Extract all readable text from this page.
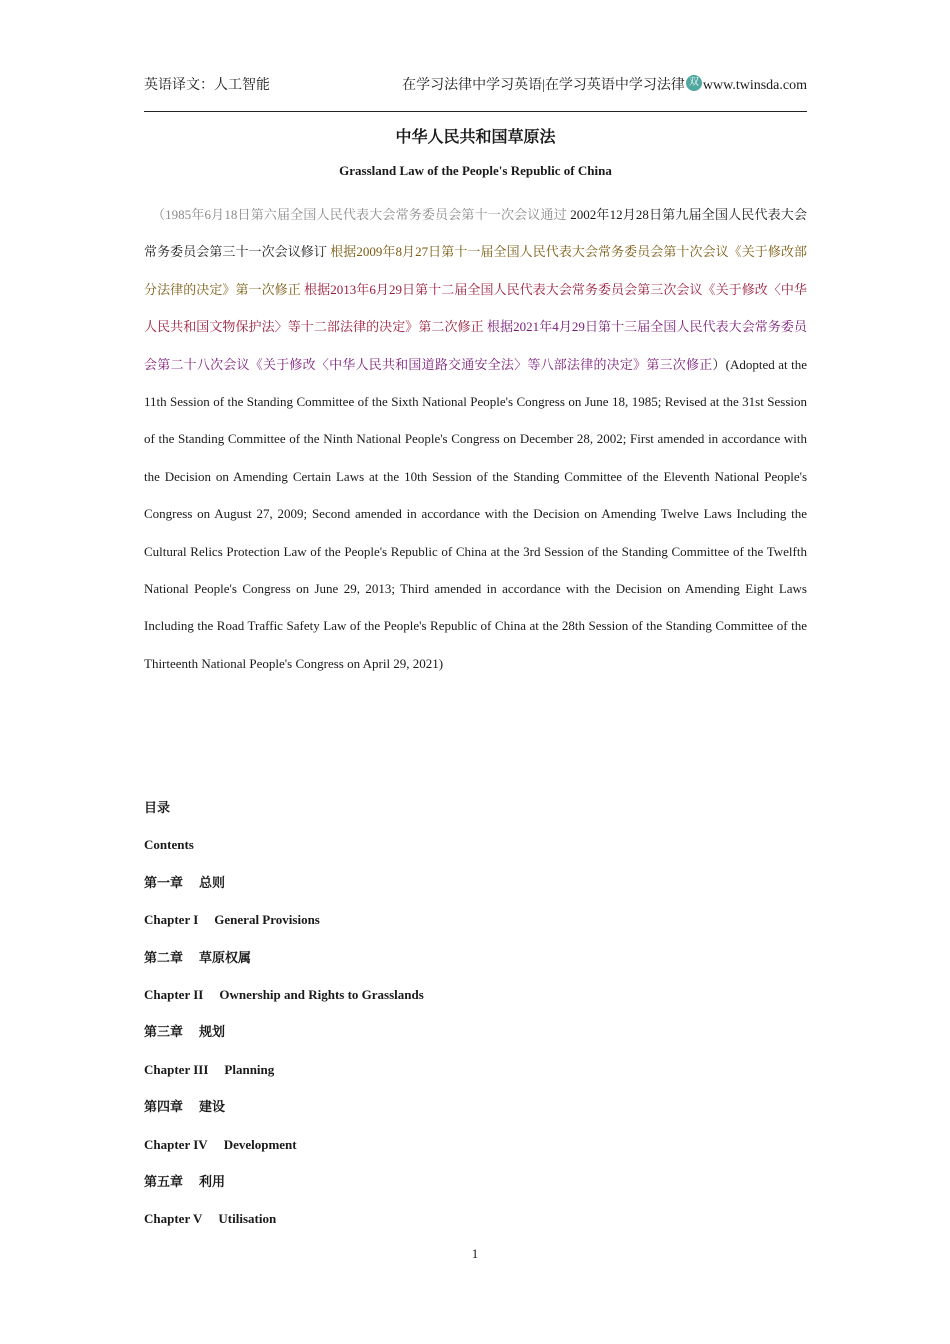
英语译文：人工智能	在学习法律中学习英语|在学习英语中学习法律 双 www.twinsda.com
中华人民共和国草原法
Grassland Law of the People's Republic of China
（1985年6月18日第六届全国人民代表大会常务委员会第十一次会议通过 2002年12月28日第九届全国人民代表大会常务委员会第三十一次会议修订 根据2009年8月27日第十一届全国人民代表大会常务委员会第十次会议《关于修改部分法律的决定》第一次修正 根据2013年6月29日第十二届全国人民代表大会常务委员会第三次会议《关于修改〈中华人民共和国文物保护法〉等十二部法律的决定》第二次修正 根据2021年4月29日第十三届全国人民代表大会常务委员会第二十八次会议《关于修改〈中华人民共和国道路交通安全法〉等八部法律的决定》第三次修正）(Adopted at the 11th Session of the Standing Committee of the Sixth National People's Congress on June 18, 1985; Revised at the 31st Session of the Standing Committee of the Ninth National People's Congress on December 28, 2002; First amended in accordance with the Decision on Amending Certain Laws at the 10th Session of the Standing Committee of the Eleventh National People's Congress on August 27, 2009; Second amended in accordance with the Decision on Amending Twelve Laws Including the Cultural Relics Protection Law of the People's Republic of China at the 3rd Session of the Standing Committee of the Twelfth National People's Congress on June 29, 2013; Third amended in accordance with the Decision on Amending Eight Laws Including the Road Traffic Safety Law of the People's Republic of China at the 28th Session of the Standing Committee of the Thirteenth National People's Congress on April 29, 2021)
目录
Contents
第一章 总则
Chapter I General Provisions
第二章 草原权属
Chapter II Ownership and Rights to Grasslands
第三章 规划
Chapter III Planning
第四章 建设
Chapter IV Development
第五章 利用
Chapter V Utilisation
1
